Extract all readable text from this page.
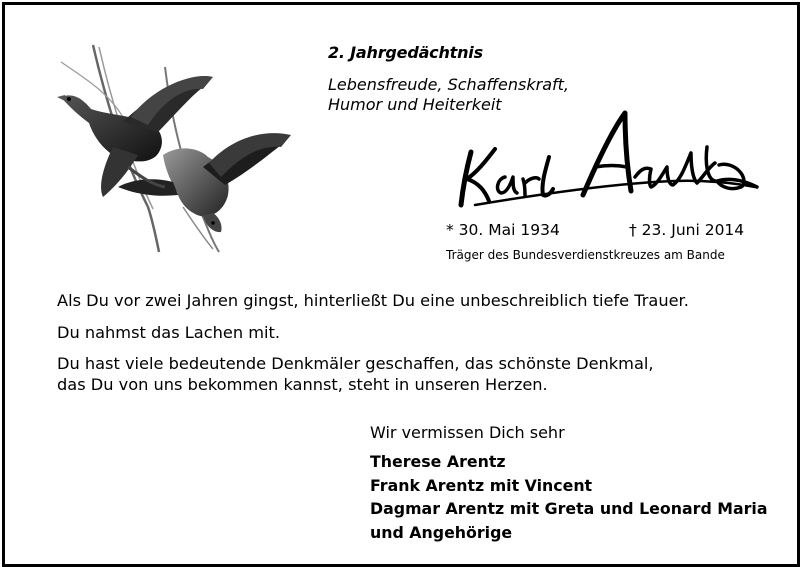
2. Jahrgedächtnis
Lebensfreude, Schaffenskraft,
Humor und Heiterkeit
* 30. Mai 1934	† 23. Juni 2014
Träger des Bundesverdienstkreuzes am Bande
Als Du vor zwei Jahren gingst, hinterließt Du eine unbeschreiblich tiefe Trauer.
Du nahmst das Lachen mit.
Du hast viele bedeutende Denkmäler geschaffen, das schönste Denkmal,
das Du von uns bekommen kannst, steht in unseren Herzen.
Wir vermissen Dich sehr
Therese Arentz
Frank Arentz mit Vincent
Dagmar Arentz mit Greta und Leonard Maria
und Angehörige
